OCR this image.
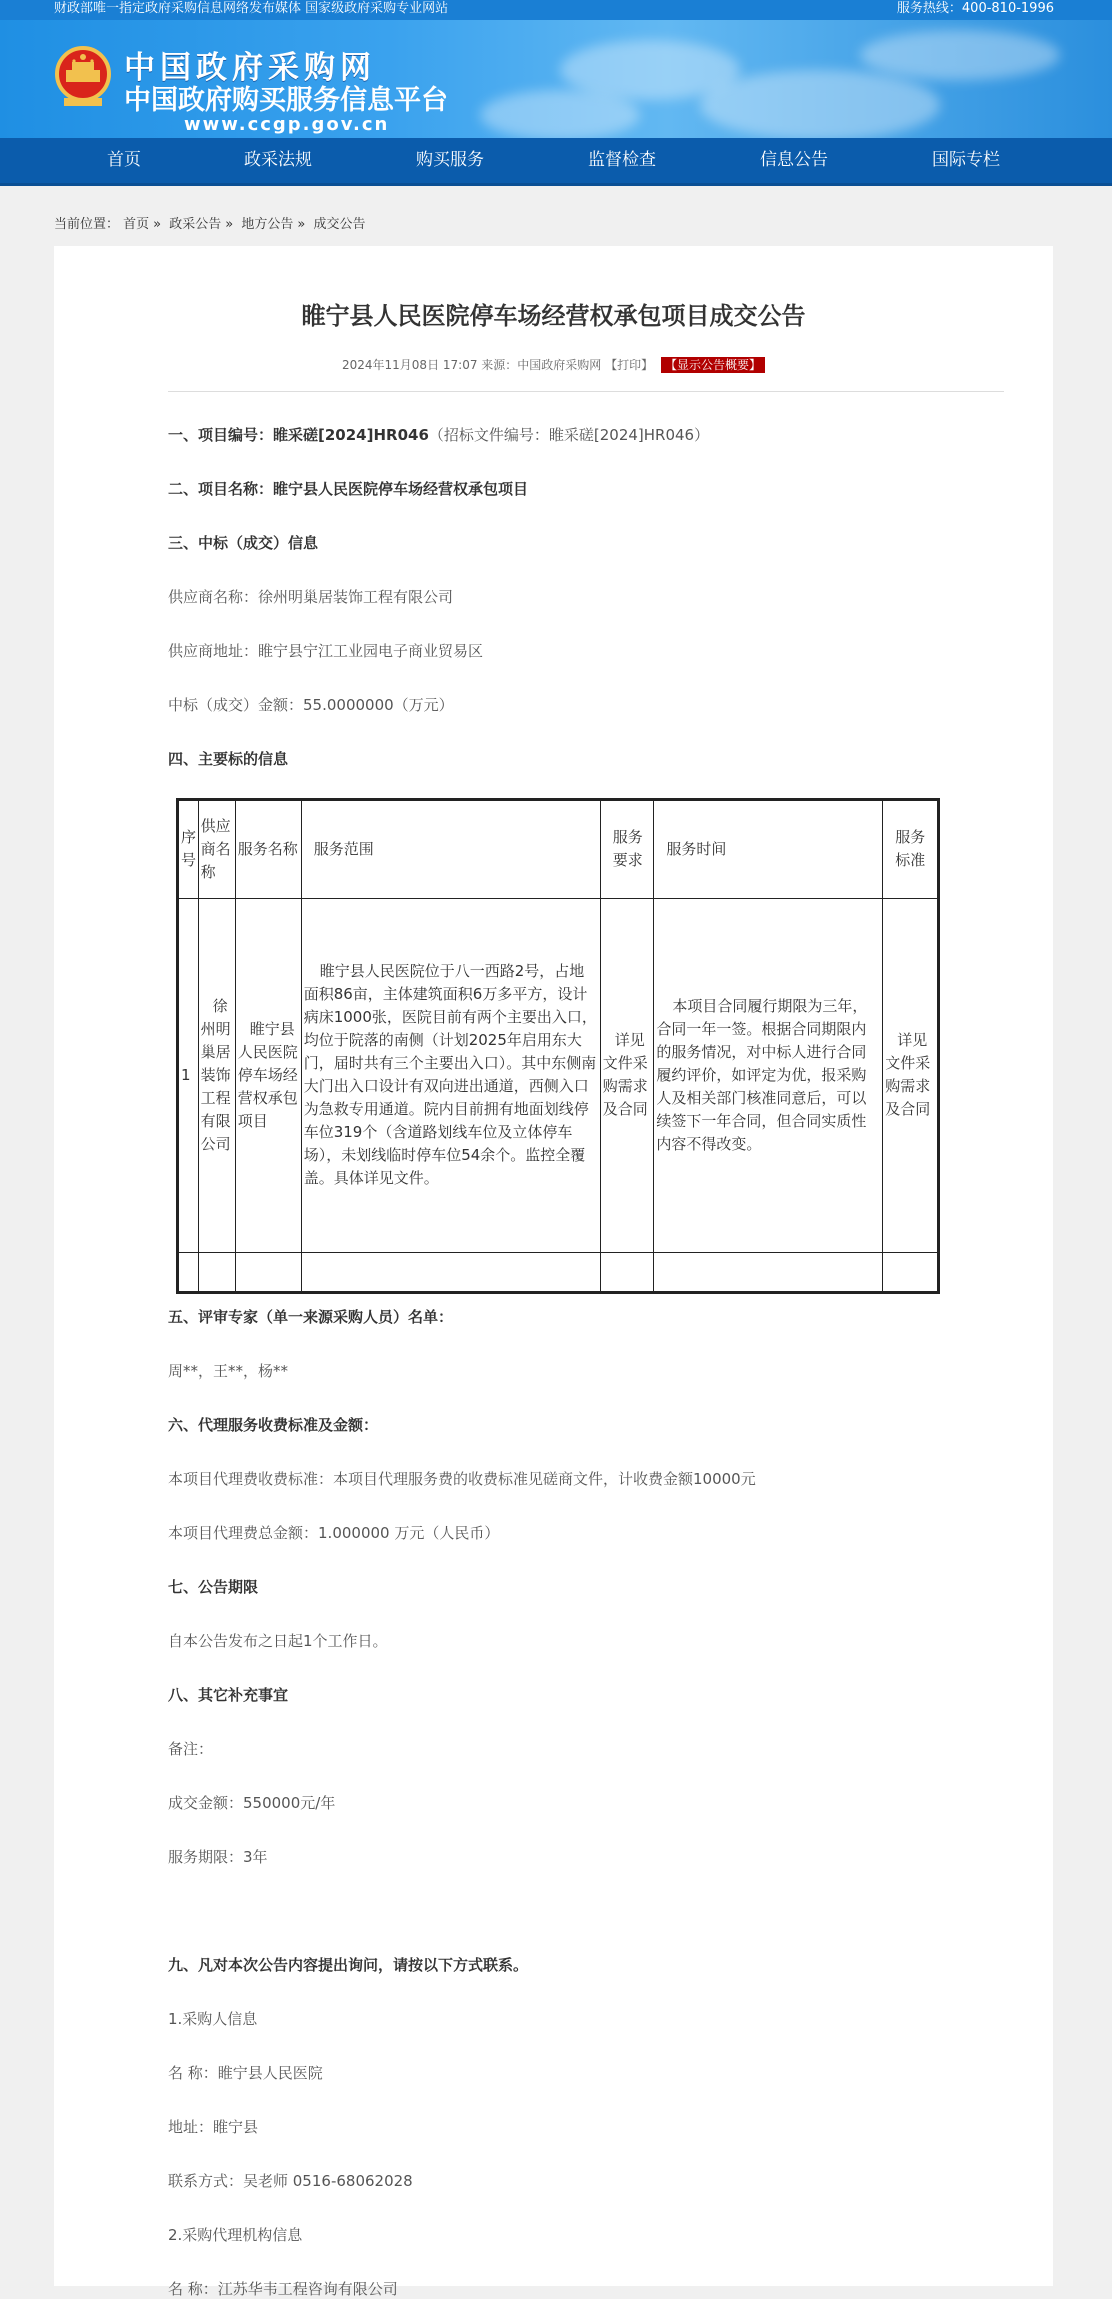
财政部唯一指定政府采购信息网络发布媒体 国家级政府采购专业网站	服务热线：400-810-1996
中国政府采购网
中国政府购买服务信息平台
www.ccgp.gov.cn
首页	政采法规	购买服务	监督检查	信息公告	国际专栏
当前位置： 首页 » 政采公告 » 地方公告 » 成交公告
睢宁县人民医院停车场经营权承包项目成交公告
2024年11月08日 17:07 来源：中国政府采购网 【打印】 【显示公告概要】
一、项目编号：睢采磋[2024]HR046（招标文件编号：睢采磋[2024]HR046）
二、项目名称：睢宁县人民医院停车场经营权承包项目
三、中标（成交）信息
供应商名称：徐州明巢居装饰工程有限公司
供应商地址：睢宁县宁江工业园电子商业贸易区
中标（成交）金额：55.0000000（万元）
四、主要标的信息
五、评审专家（单一来源采购人员）名单：
周**，王**，杨**
六、代理服务收费标准及金额：
本项目代理费收费标准：本项目代理服务费的收费标准见磋商文件，计收费金额10000元
本项目代理费总金额：1.000000 万元（人民币）
七、公告期限
自本公告发布之日起1个工作日。
八、其它补充事宜
备注：
成交金额：550000元/年
服务期限：3年
九、凡对本次公告内容提出询问，请按以下方式联系。
1.采购人信息
名 称：睢宁县人民医院
地址：睢宁县
联系方式：吴老师 0516-68062028
2.采购代理机构信息
名 称：江苏华韦工程咨询有限公司
序号	供应商名称	服务名称	服务范围	服务要求	服务时间	服务标准
1	徐州明巢居装饰工程有限公司	睢宁县人民医院停车场经营权承包项目	睢宁县人民医院位于八一西路2号，占地面积86亩，主体建筑面积6万多平方，设计病床1000张，医院目前有两个主要出入口，均位于院落的南侧（计划2025年启用东大门，届时共有三个主要出入口）。其中东侧南大门出入口设计有双向进出通道，西侧入口为急救专用通道。院内目前拥有地面划线停车位319个（含道路划线车位及立体停车场），未划线临时停车位54余个。监控全覆盖。具体详见文件。	详见文件采购需求及合同	本项目合同履行期限为三年，合同一年一签。根据合同期限内的服务情况，对中标人进行合同履约评价，如评定为优，报采购人及相关部门核准同意后，可以续签下一年合同，但合同实质性内容不得改变。	详见文件采购需求及合同
